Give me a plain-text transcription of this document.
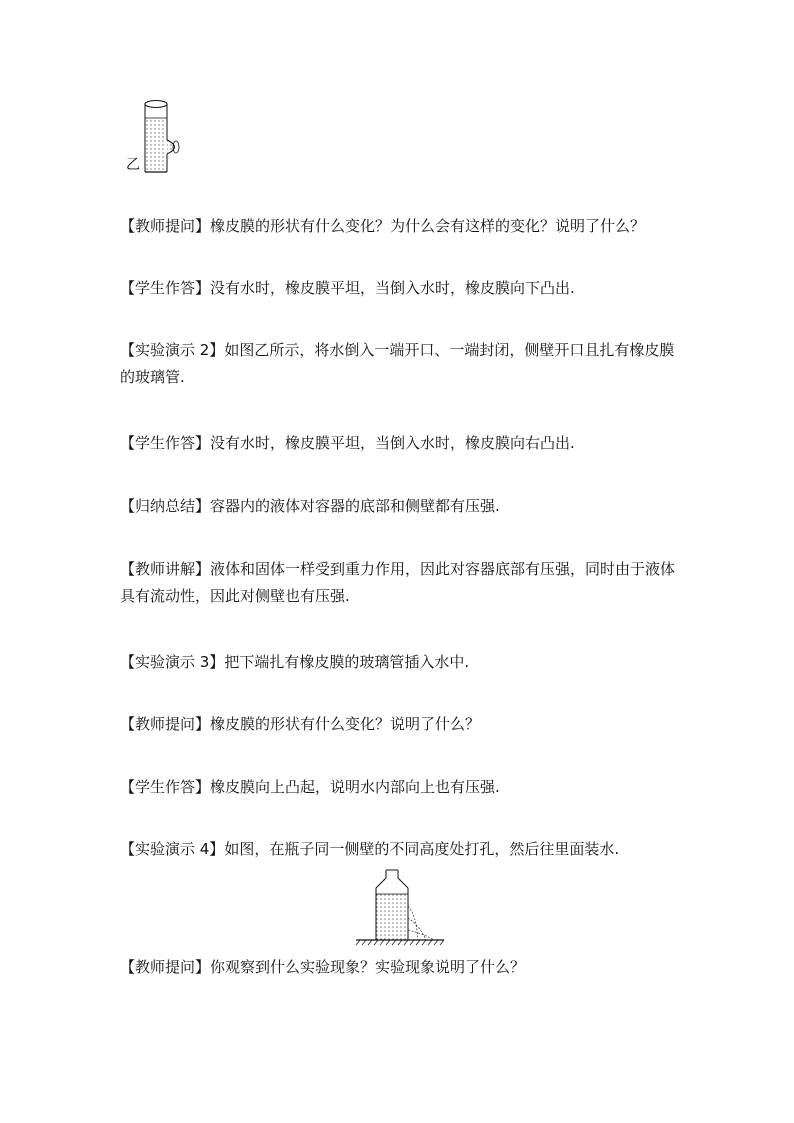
乙

【教师提问】橡皮膜的形状有什么变化？为什么会有这样的变化？说明了什么？

【学生作答】没有水时，橡皮膜平坦，当倒入水时，橡皮膜向下凸出.

【实验演示 2】如图乙所示，将水倒入一端开口、一端封闭，侧壁开口且扎有橡皮膜的玻璃管.

【学生作答】没有水时，橡皮膜平坦，当倒入水时，橡皮膜向右凸出.

【归纳总结】容器内的液体对容器的底部和侧壁都有压强.

【教师讲解】液体和固体一样受到重力作用，因此对容器底部有压强，同时由于液体具有流动性，因此对侧壁也有压强.

【实验演示 3】把下端扎有橡皮膜的玻璃管插入水中.

【教师提问】橡皮膜的形状有什么变化？说明了什么？

【学生作答】橡皮膜向上凸起，说明水内部向上也有压强.

【实验演示 4】如图，在瓶子同一侧壁的不同高度处打孔，然后往里面装水.

【教师提问】你观察到什么实验现象？实验现象说明了什么？
